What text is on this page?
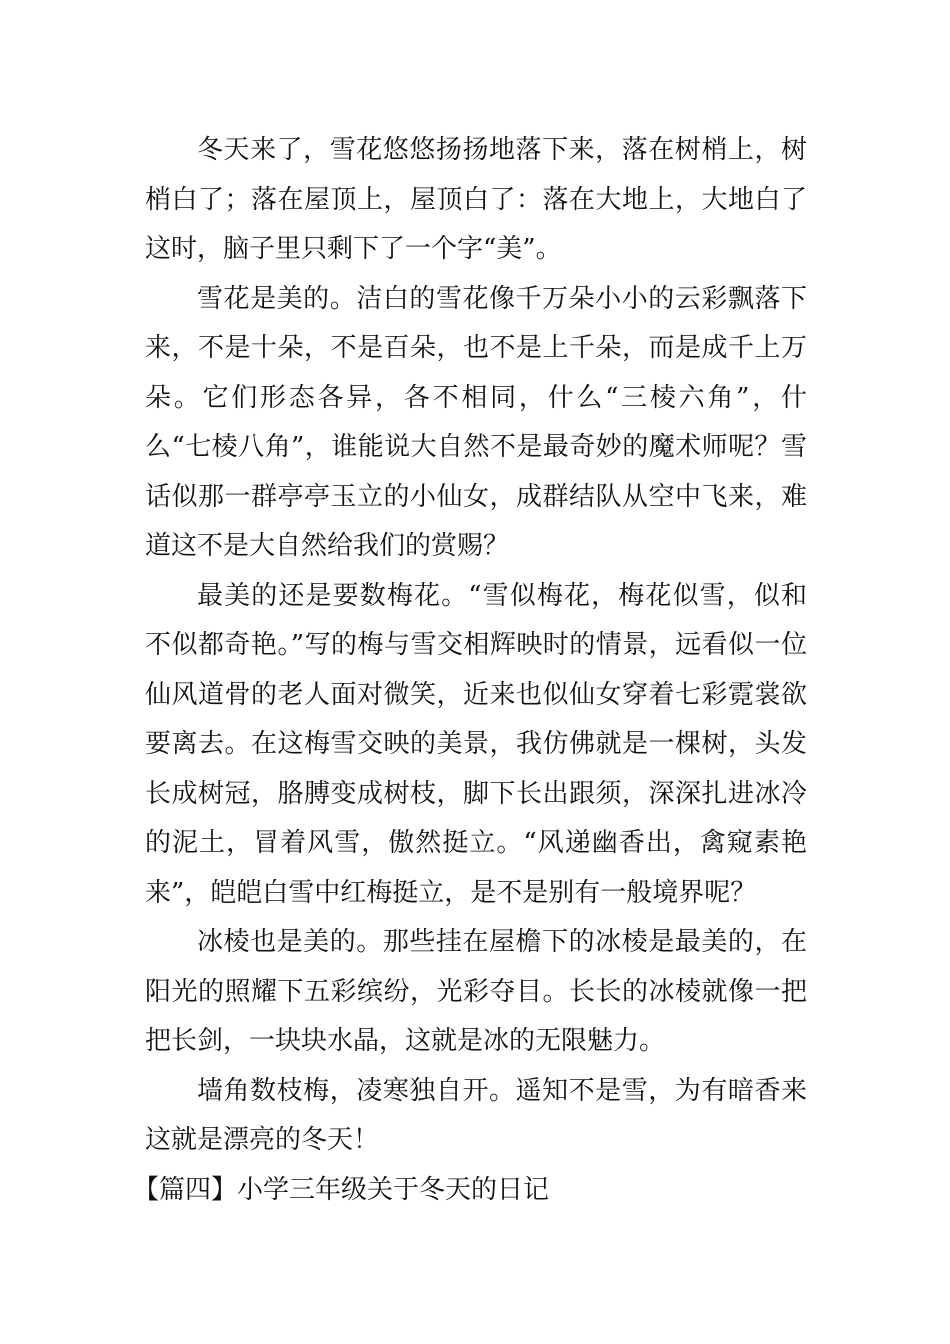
冬天来了，雪花悠悠扬扬地落下来，落在树梢上，树梢白了；落在屋顶上，屋顶白了：落在大地上，大地白了这时，脑子里只剩下了一个字“美”。

雪花是美的。洁白的雪花像千万朵小小的云彩飘落下来，不是十朵，不是百朵，也不是上千朵，而是成千上万朵。它们形态各异，各不相同，什么“三棱六角”，什么“七棱八角”，谁能说大自然不是最奇妙的魔术师呢？雪话似那一群亭亭玉立的小仙女，成群结队从空中飞来，难道这不是大自然给我们的赏赐？

最美的还是要数梅花。“雪似梅花，梅花似雪，似和不似都奇艳。”写的梅与雪交相辉映时的情景，远看似一位仙风道骨的老人面对微笑，近来也似仙女穿着七彩霓裳欲要离去。在这梅雪交映的美景，我仿佛就是一棵树，头发长成树冠，胳膊变成树枝，脚下长出跟须，深深扎进冰冷的泥土，冒着风雪，傲然挺立。“风递幽香出，禽窥素艳来”，皑皑白雪中红梅挺立，是不是别有一般境界呢？

冰棱也是美的。那些挂在屋檐下的冰棱是最美的，在阳光的照耀下五彩缤纷，光彩夺目。长长的冰棱就像一把把长剑，一块块水晶，这就是冰的无限魅力。

墙角数枝梅，凌寒独自开。遥知不是雪，为有暗香来这就是漂亮的冬天！

【篇四】小学三年级关于冬天的日记
